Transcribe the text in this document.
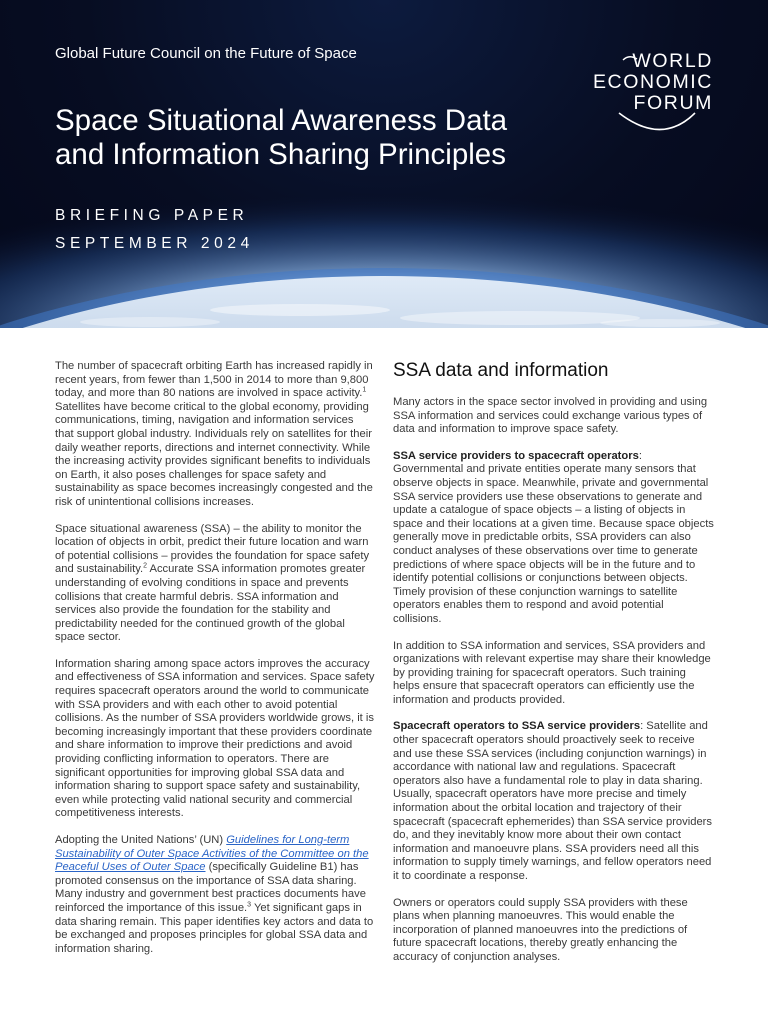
Global Future Council on the Future of Space
Space Situational Awareness Data and Information Sharing Principles
BRIEFING PAPER
SEPTEMBER 2024
WORLD
ECONOMIC
FORUM

The number of spacecraft orbiting Earth has increased rapidly in recent years, from fewer than 1,500 in 2014 to more than 9,800 today, and more than 80 nations are involved in space activity.$^1$ Satellites have become critical to the global economy, providing communications, timing, navigation and information services that support global industry. Individuals rely on satellites for their daily weather reports, directions and internet connectivity. While the increasing activity provides significant benefits to individuals on Earth, it also poses challenges for space safety and sustainability as space becomes increasingly congested and the risk of unintentional collisions increases.

Space situational awareness (SSA) – the ability to monitor the location of objects in orbit, predict their future location and warn of potential collisions – provides the foundation for space safety and sustainability.$^2$ Accurate SSA information promotes greater understanding of evolving conditions in space and prevents collisions that create harmful debris. SSA information and services also provide the foundation for the stability and predictability needed for the continued growth of the global space sector.

Information sharing among space actors improves the accuracy and effectiveness of SSA information and services. Space safety requires spacecraft operators around the world to communicate with SSA providers and with each other to avoid potential collisions. As the number of SSA providers worldwide grows, it is becoming increasingly important that these providers coordinate and share information to improve their predictions and avoid providing conflicting information to operators. There are significant opportunities for improving global SSA data and information sharing to support space safety and sustainability, even while protecting valid national security and commercial competitiveness interests.

Adopting the United Nations’ (UN) Guidelines for Long-term Sustainability of Outer Space Activities of the Committee on the Peaceful Uses of Outer Space (specifically Guideline B1) has promoted consensus on the importance of SSA data sharing. Many industry and government best practices documents have reinforced the importance of this issue.$^3$ Yet significant gaps in data sharing remain. This paper identifies key actors and data to be exchanged and proposes principles for global SSA data and information sharing.

SSA data and information

Many actors in the space sector involved in providing and using SSA information and services could exchange various types of data and information to improve space safety.

SSA service providers to spacecraft operators: Governmental and private entities operate many sensors that observe objects in space. Meanwhile, private and governmental SSA service providers use these observations to generate and update a catalogue of space objects – a listing of objects in space and their locations at a given time. Because space objects generally move in predictable orbits, SSA providers can also conduct analyses of these observations over time to generate predictions of where space objects will be in the future and to identify potential collisions or conjunctions between objects. Timely provision of these conjunction warnings to satellite operators enables them to respond and avoid potential collisions.

In addition to SSA information and services, SSA providers and organizations with relevant expertise may share their knowledge by providing training for spacecraft operators. Such training helps ensure that spacecraft operators can efficiently use the information and products provided.

Spacecraft operators to SSA service providers: Satellite and other spacecraft operators should proactively seek to receive and use these SSA services (including conjunction warnings) in accordance with national law and regulations. Spacecraft operators also have a fundamental role to play in data sharing. Usually, spacecraft operators have more precise and timely information about the orbital location and trajectory of their spacecraft (spacecraft ephemerides) than SSA service providers do, and they inevitably know more about their own contact information and manoeuvre plans. SSA providers need all this information to supply timely warnings, and fellow operators need it to coordinate a response.

Owners or operators could supply SSA providers with these plans when planning manoeuvres. This would enable the incorporation of planned manoeuvres into the predictions of future spacecraft locations, thereby greatly enhancing the accuracy of conjunction analyses.
